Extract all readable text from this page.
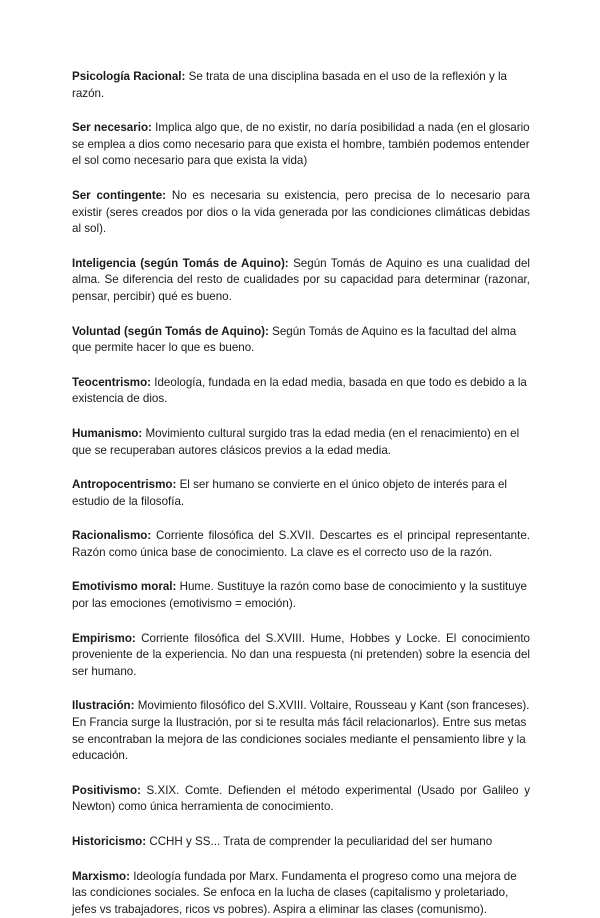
Psicología Racional: Se trata de una disciplina basada en el uso de la reflexión y la razón.

Ser necesario: Implica algo que, de no existir, no daría posibilidad a nada (en el glosario se emplea a dios como necesario para que exista el hombre, también podemos entender el sol como necesario para que exista la vida)

Ser contingente: No es necesaria su existencia, pero precisa de lo necesario para existir (seres creados por dios o la vida generada por las condiciones climáticas debidas al sol).

Inteligencia (según Tomás de Aquino): Según Tomás de Aquino es una cualidad del alma. Se diferencia del resto de cualidades por su capacidad para determinar (razonar, pensar, percibir) qué es bueno.

Voluntad (según Tomás de Aquino): Según Tomás de Aquino es la facultad del alma que permite hacer lo que es bueno.

Teocentrismo: Ideología, fundada en la edad media, basada en que todo es debido a la existencia de dios.

Humanismo: Movimiento cultural surgido tras la edad media (en el renacimiento) en el que se recuperaban autores clásicos previos a la edad media.

Antropocentrismo: El ser humano se convierte en el único objeto de interés para el estudio de la filosofía.

Racionalismo: Corriente filosófica del S.XVII. Descartes es el principal representante. Razón como única base de conocimiento. La clave es el correcto uso de la razón.

Emotivismo moral: Hume. Sustituye la razón como base de conocimiento y la sustituye por las emociones (emotivismo = emoción).

Empirismo: Corriente filosófica del S.XVIII. Hume, Hobbes y Locke. El conocimiento proveniente de la experiencia. No dan una respuesta (ni pretenden) sobre la esencia del ser humano.

Ilustración: Movimiento filosófico del S.XVIII. Voltaire, Rousseau y Kant (son franceses). En Francia surge la Ilustración, por si te resulta más fácil relacionarlos). Entre sus metas se encontraban la mejora de las condiciones sociales mediante el pensamiento libre y la educación.

Positivismo: S.XIX. Comte. Defienden el método experimental (Usado por Galileo y Newton) como única herramienta de conocimiento.

Historicismo: CCHH y SS... Trata de comprender la peculiaridad del ser humano

Marxismo: Ideología fundada por Marx. Fundamenta el progreso como una mejora de las condiciones sociales. Se enfoca en la lucha de clases (capitalismo y proletariado, jefes vs trabajadores, ricos vs pobres). Aspira a eliminar las clases (comunismo).
